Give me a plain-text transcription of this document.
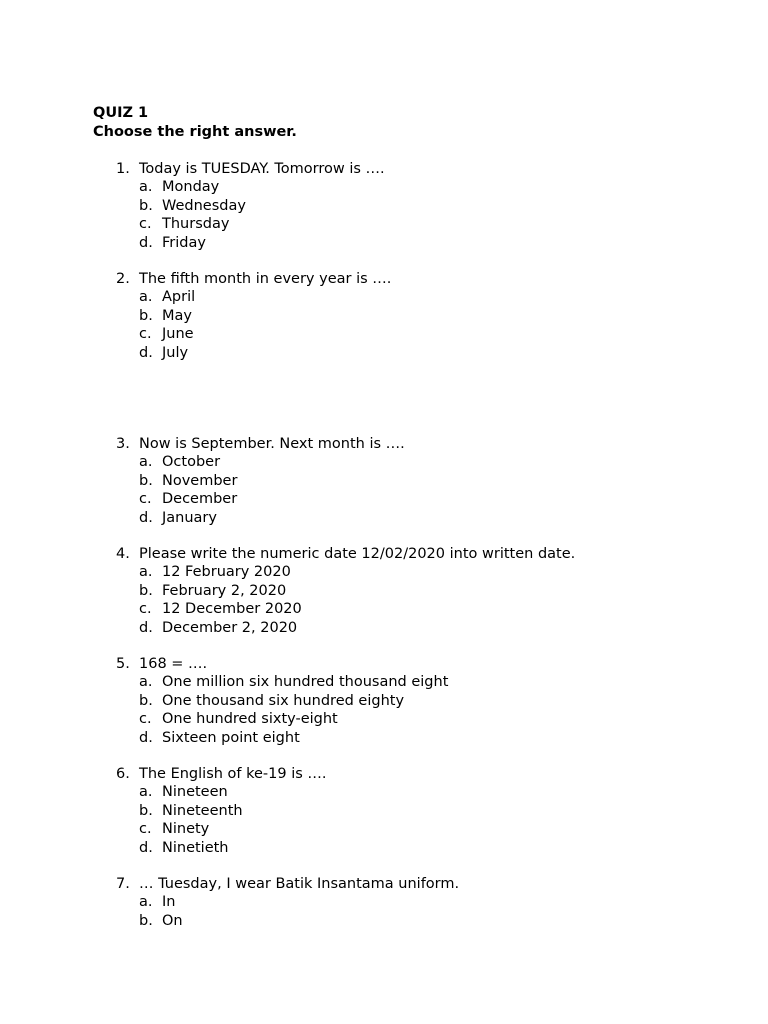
QUIZ 1
Choose the right answer.
1. Today is TUESDAY. Tomorrow is ….
a. Monday
b. Wednesday
c. Thursday
d. Friday
2. The fifth month in every year is ….
a. April
b. May
c. June
d. July
3. Now is September. Next month is ….
a. October
b. November
c. December
d. January
4. Please write the numeric date 12/02/2020 into written date.
a. 12 February 2020
b. February 2, 2020
c. 12 December 2020
d. December 2, 2020
5. 168 = ….
a. One million six hundred thousand eight
b. One thousand six hundred eighty
c. One hundred sixty-eight
d. Sixteen point eight
6. The English of ke-19 is ….
a. Nineteen
b. Nineteenth
c. Ninety
d. Ninetieth
7. … Tuesday, I wear Batik Insantama uniform.
a. In
b. On
